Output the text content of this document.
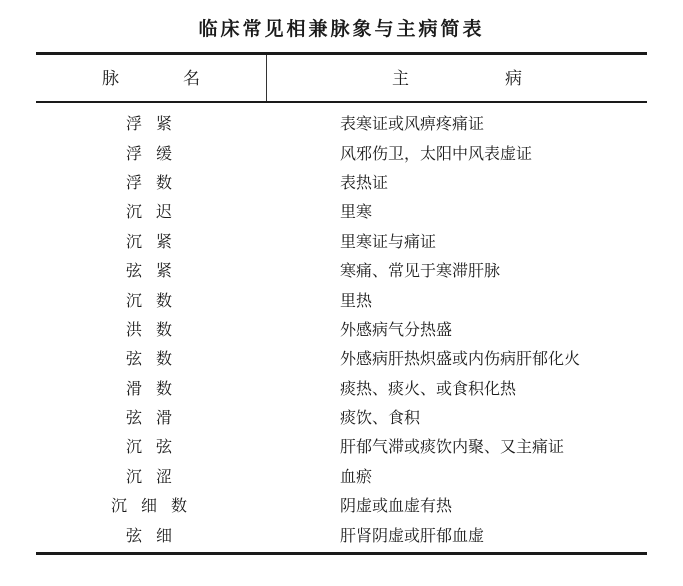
临床常见相兼脉象与主病简表
脉名	主病
浮紧	表寒证或风痹疼痛证
浮缓	风邪伤卫，太阳中风表虚证
浮数	表热证
沉迟	里寒
沉紧	里寒证与痛证
弦紧	寒痛、常见于寒滞肝脉
沉数	里热
洪数	外感病气分热盛
弦数	外感病肝热炽盛或内伤病肝郁化火
滑数	痰热、痰火、或食积化热
弦滑	痰饮、食积
沉弦	肝郁气滞或痰饮内聚、又主痛证
沉涩	血瘀
沉细数	阴虚或血虚有热
弦细	肝肾阴虚或肝郁血虚
